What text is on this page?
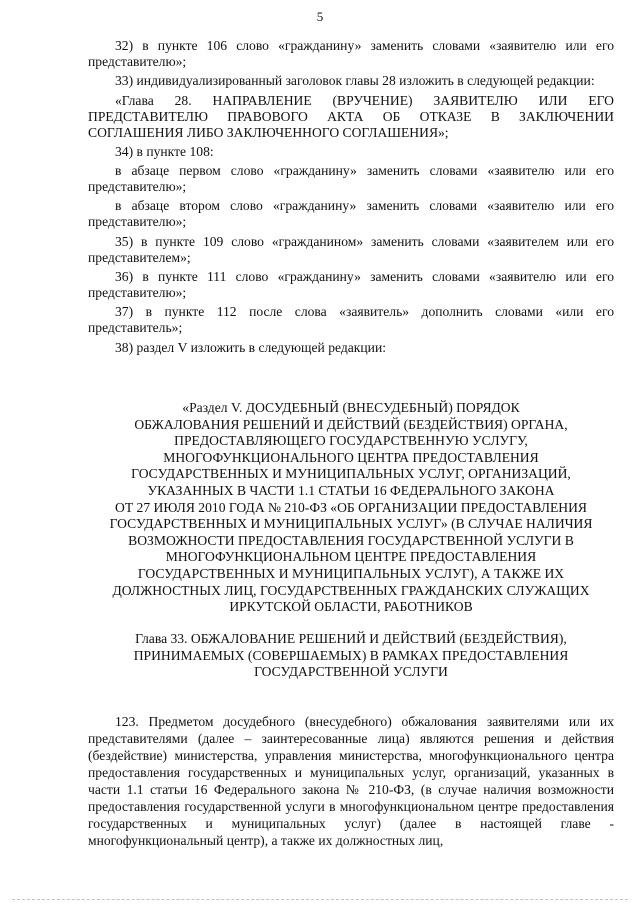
5

32) в пункте 106 слово «гражданину» заменить словами «заявителю или его представителю»;

33) индивидуализированный заголовок главы 28 изложить в следующей редакции:

«Глава 28. НАПРАВЛЕНИЕ (ВРУЧЕНИЕ) ЗАЯВИТЕЛЮ ИЛИ ЕГО ПРЕДСТАВИТЕЛЮ ПРАВОВОГО АКТА ОБ ОТКАЗЕ В ЗАКЛЮЧЕНИИ СОГЛАШЕНИЯ ЛИБО ЗАКЛЮЧЕННОГО СОГЛАШЕНИЯ»;

34) в пункте 108:

в абзаце первом слово «гражданину» заменить словами «заявителю или его представителю»;

в абзаце втором слово «гражданину» заменить словами «заявителю или его представителю»;

35) в пункте 109 слово «гражданином» заменить словами «заявителем или его представителем»;

36) в пункте 111 слово «гражданину» заменить словами «заявителю или его представителю»;

37) в пункте 112 после слова «заявитель» дополнить словами «или его представитель»;

38) раздел V изложить в следующей редакции:

«Раздел V. ДОСУДЕБНЫЙ (ВНЕСУДЕБНЫЙ) ПОРЯДОК
ОБЖАЛОВАНИЯ РЕШЕНИЙ И ДЕЙСТВИЙ (БЕЗДЕЙСТВИЯ) ОРГАНА,
ПРЕДОСТАВЛЯЮЩЕГО ГОСУДАРСТВЕННУЮ УСЛУГУ,
МНОГОФУНКЦИОНАЛЬНОГО ЦЕНТРА ПРЕДОСТАВЛЕНИЯ
ГОСУДАРСТВЕННЫХ И МУНИЦИПАЛЬНЫХ УСЛУГ, ОРГАНИЗАЦИЙ,
УКАЗАННЫХ В ЧАСТИ 1.1 СТАТЬИ 16 ФЕДЕРАЛЬНОГО ЗАКОНА
ОТ 27 ИЮЛЯ 2010 ГОДА № 210-ФЗ «ОБ ОРГАНИЗАЦИИ ПРЕДОСТАВЛЕНИЯ
ГОСУДАРСТВЕННЫХ И МУНИЦИПАЛЬНЫХ УСЛУГ» (В СЛУЧАЕ НАЛИЧИЯ
ВОЗМОЖНОСТИ ПРЕДОСТАВЛЕНИЯ ГОСУДАРСТВЕННОЙ УСЛУГИ В
МНОГОФУНКЦИОНАЛЬНОМ ЦЕНТРЕ ПРЕДОСТАВЛЕНИЯ
ГОСУДАРСТВЕННЫХ И МУНИЦИПАЛЬНЫХ УСЛУГ), А ТАКЖЕ ИХ
ДОЛЖНОСТНЫХ ЛИЦ, ГОСУДАРСТВЕННЫХ ГРАЖДАНСКИХ СЛУЖАЩИХ
ИРКУТСКОЙ ОБЛАСТИ, РАБОТНИКОВ
Глава 33. ОБЖАЛОВАНИЕ РЕШЕНИЙ И ДЕЙСТВИЙ (БЕЗДЕЙСТВИЯ),
ПРИНИМАЕМЫХ (СОВЕРШАЕМЫХ) В РАМКАХ ПРЕДОСТАВЛЕНИЯ
ГОСУДАРСТВЕННОЙ УСЛУГИ

123. Предметом досудебного (внесудебного) обжалования заявителями или их представителями (далее – заинтересованные лица) являются решения и действия (бездействие) министерства, управления министерства, многофункционального центра предоставления государственных и муниципальных услуг, организаций, указанных в части 1.1 статьи 16 Федерального закона № 210-ФЗ, (в случае наличия возможности предоставления государственной услуги в многофункциональном центре предоставления государственных и муниципальных услуг) (далее в настоящей главе - многофункциональный центр), а также их должностных лиц,
